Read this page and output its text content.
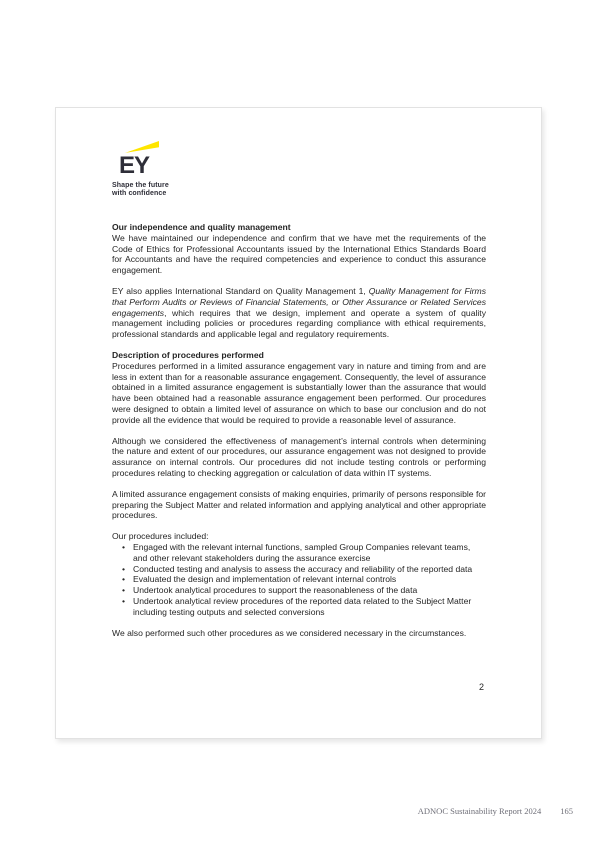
EY
Shape the future
with confidence

Our independence and quality management
We have maintained our independence and confirm that we have met the requirements of the Code of Ethics for Professional Accountants issued by the International Ethics Standards Board for Accountants and have the required competencies and experience to conduct this assurance engagement.

EY also applies International Standard on Quality Management 1, Quality Management for Firms that Perform Audits or Reviews of Financial Statements, or Other Assurance or Related Services engagements, which requires that we design, implement and operate a system of quality management including policies or procedures regarding compliance with ethical requirements, professional standards and applicable legal and regulatory requirements.

Description of procedures performed
Procedures performed in a limited assurance engagement vary in nature and timing from and are less in extent than for a reasonable assurance engagement. Consequently, the level of assurance obtained in a limited assurance engagement is substantially lower than the assurance that would have been obtained had a reasonable assurance engagement been performed. Our procedures were designed to obtain a limited level of assurance on which to base our conclusion and do not provide all the evidence that would be required to provide a reasonable level of assurance.

Although we considered the effectiveness of management’s internal controls when determining the nature and extent of our procedures, our assurance engagement was not designed to provide assurance on internal controls. Our procedures did not include testing controls or performing procedures relating to checking aggregation or calculation of data within IT systems.

A limited assurance engagement consists of making enquiries, primarily of persons responsible for preparing the Subject Matter and related information and applying analytical and other appropriate procedures.

Our procedures included:

• Engaged with the relevant internal functions, sampled Group Companies relevant teams, and other relevant stakeholders during the assurance exercise
• Conducted testing and analysis to assess the accuracy and reliability of the reported data
• Evaluated the design and implementation of relevant internal controls
• Undertook analytical procedures to support the reasonableness of the data
• Undertook analytical review procedures of the reported data related to the Subject Matter including testing outputs and selected conversions

We also performed such other procedures as we considered necessary in the circumstances.

2
ADNOC Sustainability Report 2024 165
